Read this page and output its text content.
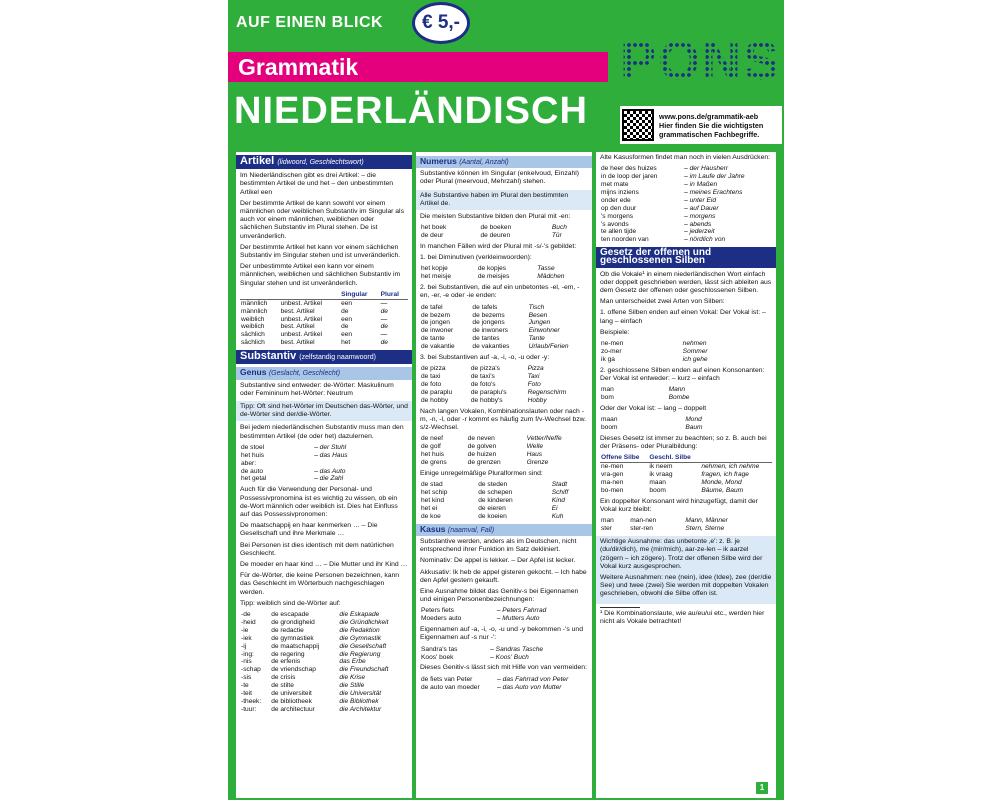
AUF EINEN BLICK	€ 5,-
Grammatik
NIEDERLÄNDISCH
PONS
www.pons.de/grammatik-aeb
Hier finden Sie die wichtigsten
grammatischen Fachbegriffe.
Artikel (lidwoord, Geschlechtswort)

Im Niederländischen gibt es drei Artikel: – die bestimmten Artikel de und het – den unbestimmten Artikel een

Der bestimmte Artikel de kann sowohl vor einem männlichen oder weiblichen Substantiv im Singular als auch vor einem männlichen, weiblichen oder sächlichen Substantiv im Plural stehen. De ist unveränderlich.

Der bestimmte Artikel het kann vor einem sächlichen Substantiv im Singular stehen und ist unveränderlich.

Der unbestimmte Artikel een kann vor einem männlichen, weiblichen und sächlichen Substantiv im Singular stehen und ist unveränderlich.

		Singular	Plural
männlich	unbest. Artikel	een	—
männlich	best. Artikel	de	de
weiblich	unbest. Artikel	een	—
weiblich	best. Artikel	de	de
sächlich	unbest. Artikel	een	—
sächlich	best. Artikel	het	de
Substantiv (zelfstandig naamwoord)
Genus (Geslacht, Geschlecht)

Substantive sind entweder: de-Wörter: Maskulinum oder Femininum het-Wörter: Neutrum

Tipp: Oft sind het-Wörter im Deutschen das-Wörter, und de-Wörter sind der/die-Wörter.

Bei jedem niederländischen Substantiv muss man den bestimmten Artikel (de oder het) dazulernen.

de stoel	– der Stuhl
het huis	– das Haus
aber:	
de auto	– das Auto
het getal	– die Zahl

Auch für die Verwendung der Personal- und Possessivpronomina ist es wichtig zu wissen, ob ein de-Wort männlich oder weiblich ist. Dies hat Einfluss auf das Possessivpronomen:

De maatschappij en haar kenmerken … – Die Gesellschaft und ihre Merkmale …

Bei Personen ist dies identisch mit dem natürlichen Geschlecht.

De moeder en haar kind … – Die Mutter und ihr Kind …

Für de-Wörter, die keine Personen bezeichnen, kann das Geschlecht im Wörterbuch nachgeschlagen werden.

Tipp: weiblich sind de-Wörter auf:

-de	de escapade	die Eskapade
-heid	de grondigheid	die Gründlichkeit
-ie	de redactie	die Redaktion
-iek	de gymnastiek	die Gymnastik
-ij	de maatschappij	die Gesellschaft
-ing:	de regering	die Regierung
-nis	de erfenis	das Erbe
-schap	de vriendschap	die Freundschaft
-sis	de crisis	die Krise
-te	de stilte	die Stille
-teit	de universiteit	die Universität
-theek:	de bibliotheek	die Bibliothek
-tuur:	de architectuur	die Architektur
Numerus (Aantal, Anzahl)

Substantive können im Singular (enkelvoud, Einzahl) oder Plural (meervoud, Mehrzahl) stehen.

Alle Substantive haben im Plural den bestimmten Artikel de.

Die meisten Substantive bilden den Plural mit -en:

het boek	de boeken	Buch
de deur	de deuren	Tür

In manchen Fällen wird der Plural mit -s/-'s gebildet:

1. bei Diminutiven (verkleinwoorden):

het kopje	de kopjes	Tasse
het meisje	de meisjes	Mädchen

2. bei Substantiven, die auf ein unbetontes -el, -em, -en, -er, -e oder -ie enden:

de tafel	de tafels	Tisch
de bezem	de bezems	Besen
de jongen	de jongens	Jungen
de inwoner	de inwoners	Einwohner
de tante	de tantes	Tante
de vakantie	de vakanties	Urlaub/Ferien

3. bei Substantiven auf -a, -i, -o, -u oder -y:

de pizza	de pizza's	Pizza
de taxi	de taxi's	Taxi
de foto	de foto's	Foto
de paraplu	de paraplu's	Regenschirm
de hobby	de hobby's	Hobby

Nach langen Vokalen, Kombinationslauten oder nach -m, -n, -l, oder -r kommt es häufig zum f/v-Wechsel bzw. s/z-Wechsel.

de neef	de neven	Vetter/Neffe
de golf	de golven	Welle
het huis	de huizen	Haus
de grens	de grenzen	Grenze

Einige unregelmäßige Pluralformen sind:

de stad	de steden	Stadt
het schip	de schepen	Schiff
het kind	de kinderen	Kind
het ei	de eieren	Ei
de koe	de koeien	Kuh
Kasus (naamval, Fall)

Substantive werden, anders als im Deutschen, nicht entsprechend ihrer Funktion im Satz dekliniert.

Nominativ: De appel is lekker. – Der Apfel ist lecker.

Akkusativ: Ik heb de appel gisteren gekocht. – Ich habe den Apfel gestern gekauft.

Eine Ausnahme bildet das Genitiv-s bei Eigennamen und einigen Personenbezeichnungen:

Peters fiets	– Peters Fahrrad
Moeders auto	– Mutters Auto

Eigennamen auf -a, -i, -o, -u und -y bekommen -'s und Eigennamen auf -s nur -':

Sandra's tas	– Sandras Tasche
Koos' boek	– Koos' Buch

Dieses Genitiv-s lässt sich mit Hilfe von van vermeiden:

de fiets van Peter	– das Fahrrad von Peter
de auto van moeder	– das Auto von Mutter

Alte Kasusformen findet man noch in vielen Ausdrücken:

de heer des huizes	– der Hausherr
in de loop der jaren	– im Laufe der Jahre
met mate	– in Maßen
mijns inziens	– meines Erachtens
onder ede	– unter Eid
op den duur	– auf Dauer
's morgens	– morgens
's avonds	– abends
te allen tijde	– jederzeit
ten noorden van	– nördlich von
Gesetz der offenen und geschlossenen Silben

Ob die Vokale¹ in einem niederländischen Wort einfach oder doppelt geschrieben werden, lässt sich ableiten aus dem Gesetz der offenen oder geschlossenen Silben.

Man unterscheidet zwei Arten von Silben:

1. offene Silben enden auf einen Vokal: Der Vokal ist: – lang – einfach

Beispiele:

ne-men	nehmen
zo-mer	Sommer
ik ga	ich gehe

2. geschlossene Silben enden auf einen Konsonanten: Der Vokal ist entweder: – kurz – einfach

man	Mann
bom	Bombe

Oder der Vokal ist: – lang – doppelt

maan	Mond
boom	Baum

Dieses Gesetz ist immer zu beachten; so z. B. auch bei der Präsens- oder Pluralbildung:

Offene Silbe	Geschl. Silbe	
ne-men	ik neem	nehmen, ich nehme
vra-gen	ik vraag	fragen, ich frage
ma-nen	maan	Monde, Mond
bo-men	boom	Bäume, Baum

Ein doppelter Konsonant wird hinzugefügt, damit der Vokal kurz bleibt:

man	man-nen	Mann, Männer
ster	ster-ren	Stern, Sterne

Wichtige Ausnahme: das unbetonte ‚e': z. B. je (du/dir/dich), me (mir/mich), aar-ze-len – ik aarzel (zögern – ich zögere). Trotz der offenen Silbe wird der Vokal kurz ausgesprochen.

Weitere Ausnahmen: nee (nein), idee (Idee), zee (der/die See) und twee (zwei) Sie werden mit doppelten Vokalen geschrieben, obwohl die Silbe offen ist.

¹ Die Kombinationslaute, wie au/eu/ui etc., werden hier nicht als Vokale betrachtet!

1
